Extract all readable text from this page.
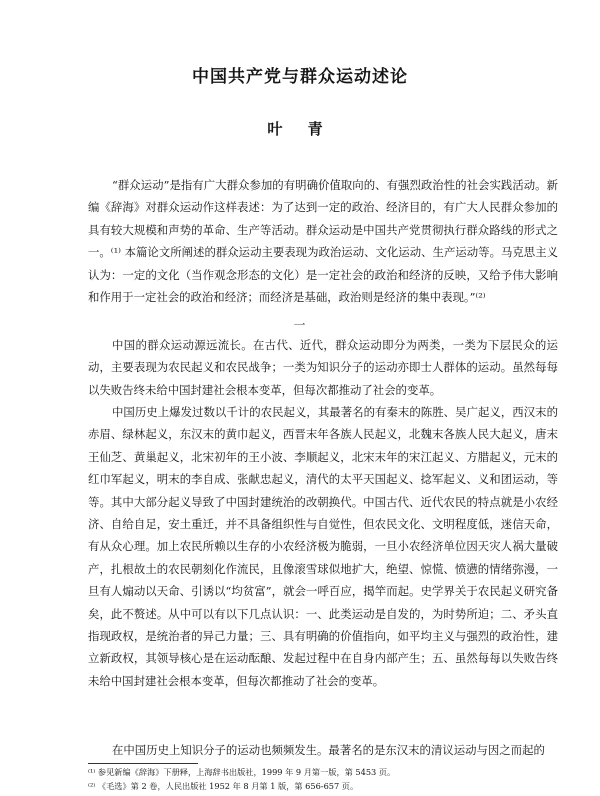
中国共产党与群众运动述论
叶 青

“群众运动”是指有广大群众参加的有明确价值取向的、有强烈政治性的社会实践活动。新编《辞海》对群众运动作这样表述：为了达到一定的政治、经济目的，有广大人民群众参加的具有较大规模和声势的革命、生产等活动。群众运动是中国共产党贯彻执行群众路线的形式之一。⁽¹⁾ 本篇论文所阐述的群众运动主要表现为政治运动、文化运动、生产运动等。马克思主义认为：一定的文化（当作观念形态的文化）是一定社会的政治和经济的反映，又给予伟大影响和作用于一定社会的政治和经济；而经济是基础，政治则是经济的集中表现。”⁽²⁾

一

中国的群众运动源远流长。在古代、近代，群众运动即分为两类，一类为下层民众的运动，主要表现为农民起义和农民战争；一类为知识分子的运动亦即士人群体的运动。虽然每每以失败告终未给中国封建社会根本变革，但每次都推动了社会的变革。

中国历史上爆发过数以千计的农民起义，其最著名的有秦末的陈胜、吴广起义，西汉末的赤眉、绿林起义，东汉末的黄巾起义，西晋末年各族人民起义，北魏末各族人民大起义，唐末王仙芝、黄巢起义，北宋初年的王小波、李顺起义，北宋末年的宋江起义、方腊起义，元末的红巾军起义，明末的李自成、张献忠起义，清代的太平天国起义、捻军起义、义和团运动，等等。其中大部分起义导致了中国封建统治的改朝换代。中国古代、近代农民的特点就是小农经济、自给自足，安土重迁，并不具备组织性与自觉性，但农民文化、文明程度低，迷信天命，有从众心理。加上农民所赖以生存的小农经济极为脆弱，一旦小农经济单位因天灾人祸大量破产，扎根故土的农民朝刻化作流民，且像滚雪球似地扩大，绝望、惊慌、愤懑的情绪弥漫，一旦有人煽动以天命、引诱以“均贫富”，就会一呼百应，揭竿而起。史学界关于农民起义研究备矣，此不赘述。从中可以有以下几点认识：一、此类运动是自发的，为时势所迫；二、矛头直指现政权，是统治者的异己力量；三、具有明确的价值指向，如平均主义与强烈的政治性，建立新政权，其领导核心是在运动酝酿、发起过程中在自身内部产生；五、虽然每每以失败告终未给中国封建社会根本变革，但每次都推动了社会的变革。

在中国历史上知识分子的运动也频频发生。最著名的是东汉末的清议运动与因之而起的

⁽¹⁾ 参见新编《辞海》下册释，上海辞书出版社，1999 年 9 月第一版，第 5453 页。
⁽²⁾ 《毛选》第 2 卷，人民出版社 1952 年 8 月第 1 版，第 656-657 页。
